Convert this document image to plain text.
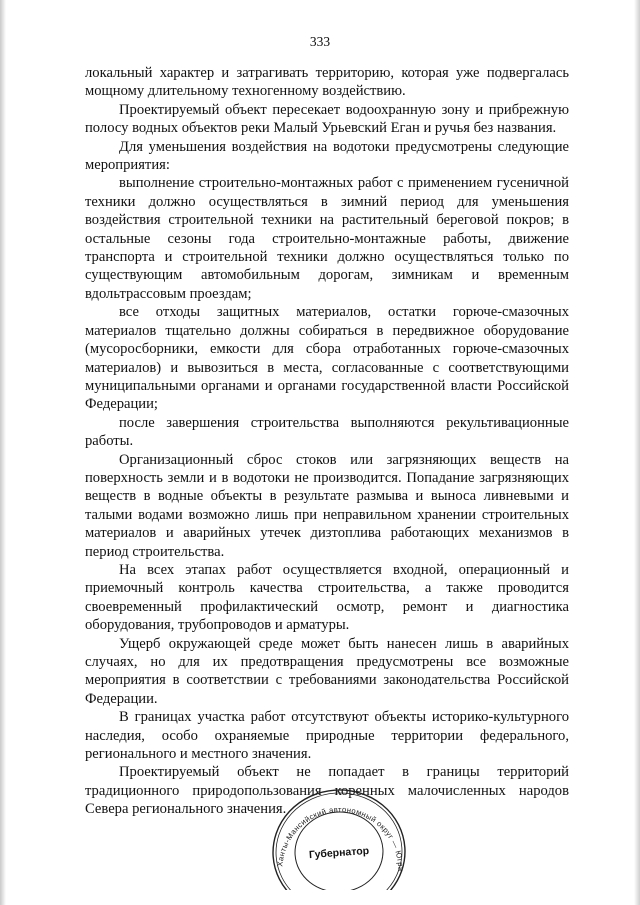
333

локальный характер и затрагивать территорию, которая уже подвергалась мощному длительному техногенному воздействию.

Проектируемый объект пересекает водоохранную зону и прибрежную полосу водных объектов реки Малый Урьевский Еган и ручья без названия.

Для уменьшения воздействия на водотоки предусмотрены следующие мероприятия:

выполнение строительно-монтажных работ с применением гусеничной техники должно осуществляться в зимний период для уменьшения воздействия строительной техники на растительный береговой покров; в остальные сезоны года строительно-монтажные работы, движение транспорта и строительной техники должно осуществляться только по существующим автомобильным дорогам, зимникам и временным вдольтрассовым проездам;

все отходы защитных материалов, остатки горюче-смазочных материалов тщательно должны собираться в передвижное оборудование (мусоросборники, емкости для сбора отработанных горюче-смазочных материалов) и вывозиться в места, согласованные с соответствующими муниципальными органами и органами государственной власти Российской Федерации;

после завершения строительства выполняются рекультивационные работы.

Организационный сброс стоков или загрязняющих веществ на поверхность земли и в водотоки не производится. Попадание загрязняющих веществ в водные объекты в результате размыва и выноса ливневыми и талыми водами возможно лишь при неправильном хранении строительных материалов и аварийных утечек дизтоплива работающих механизмов в период строительства.

На всех этапах работ осуществляется входной, операционный и приемочный контроль качества строительства, а также проводится своевременный профилактический осмотр, ремонт и диагностика оборудования, трубопроводов и арматуры.

Ущерб окружающей среде может быть нанесен лишь в аварийных случаях, но для их предотвращения предусмотрены все возможные мероприятия в соответствии с требованиями законодательства Российской Федерации.

В границах участка работ отсутствуют объекты историко-культурного наследия, особо охраняемые природные территории федерального, регионального и местного значения.

Проектируемый объект не попадает в границы территорий традиционного природопользования коренных малочисленных народов Севера регионального значения.

Ханты-Мансийский автономный округ — Югра
Губернатор
